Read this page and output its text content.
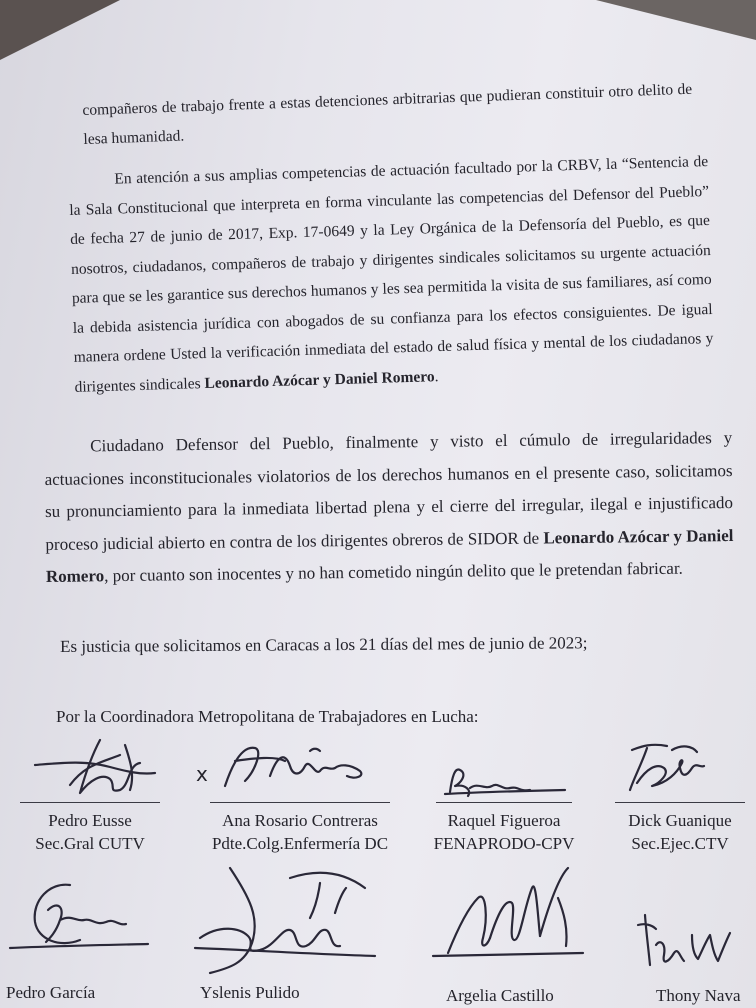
compañeros de trabajo frente a estas detenciones arbitrarias que pudieran constituir otro delito de lesa humanidad.

En atención a sus amplias competencias de actuación facultado por la CRBV, la “Sentencia de la Sala Constitucional que interpreta en forma vinculante las competencias del Defensor del Pueblo” de fecha 27 de junio de 2017, Exp. 17-0649 y la Ley Orgánica de la Defensoría del Pueblo, es que nosotros, ciudadanos, compañeros de trabajo y dirigentes sindicales solicitamos su urgente actuación para que se les garantice sus derechos humanos y les sea permitida la visita de sus familiares, así como la debida asistencia jurídica con abogados de su confianza para los efectos consiguientes. De igual manera ordene Usted la verificación inmediata del estado de salud física y mental de los ciudadanos y dirigentes sindicales Leonardo Azócar y Daniel Romero.

Ciudadano Defensor del Pueblo, finalmente y visto el cúmulo de irregularidades y actuaciones inconstitucionales violatorios de los derechos humanos en el presente caso, solicitamos su pronunciamiento para la inmediata libertad plena y el cierre del irregular, ilegal e injustificado proceso judicial abierto en contra de los dirigentes obreros de SIDOR de Leonardo Azócar y Daniel Romero, por cuanto son inocentes y no han cometido ningún delito que le pretendan fabricar.

Es justicia que solicitamos en Caracas a los 21 días del mes de junio de 2023;

Por la Coordinadora Metropolitana de Trabajadores en Lucha:

x
Pedro Eusse
Sec.Gral CUTV
Ana Rosario Contreras
Pdte.Colg.Enfermería DC
Raquel Figueroa
FENAPRODO-CPV
Dick Guanique
Sec.Ejec.CTV
Pedro García	Yslenis Pulido	Argelia Castillo	Thony Nava
